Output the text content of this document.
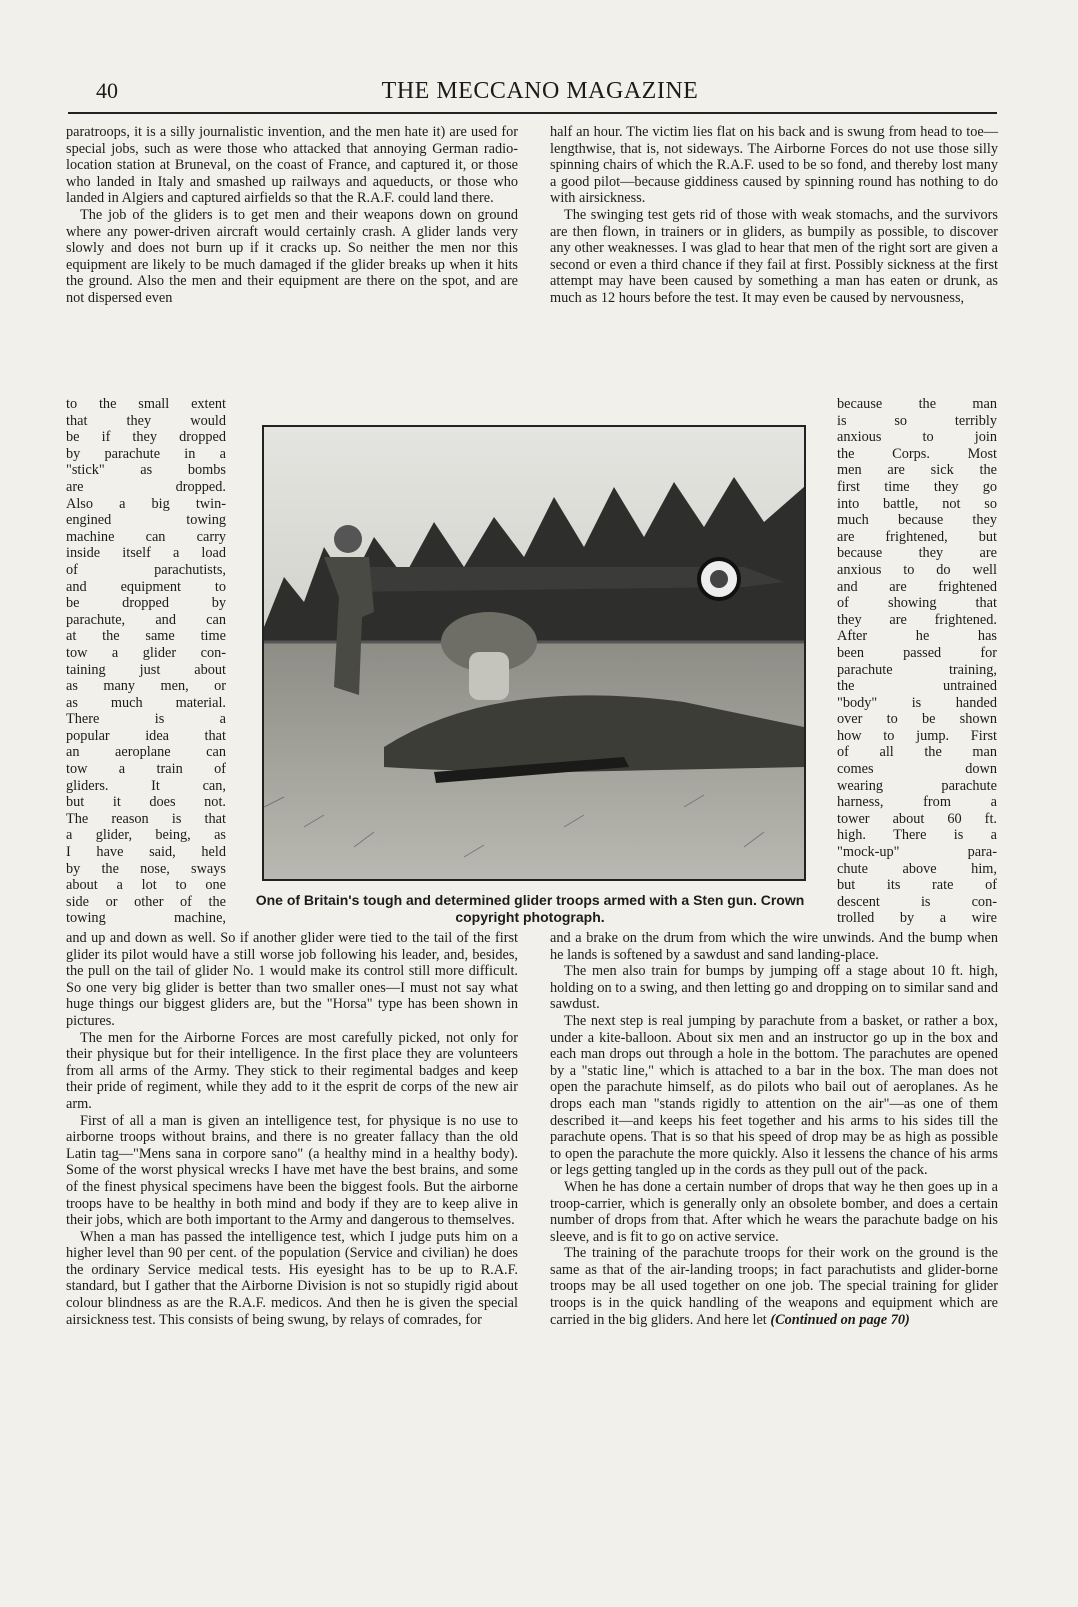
40	THE MECCANO MAGAZINE

paratroops, it is a silly journalistic invention, and the men hate it) are used for special jobs, such as were those who attacked that annoying German radio-location station at Bruneval, on the coast of France, and captured it, or those who landed in Italy and smashed up railways and aqueducts, or those who landed in Algiers and captured airfields so that the R.A.F. could land there.

The job of the gliders is to get men and their weapons down on ground where any power-driven aircraft would certainly crash. A glider lands very slowly and does not burn up if it cracks up. So neither the men nor this equipment are likely to be much damaged if the glider breaks up when it hits the ground. Also the men and their equipment are there on the spot, and are not dispersed even

to the small extent
that they would
be if they dropped
by parachute in a
"stick" as bombs
are dropped.
Also a big twin-
engined towing
machine can carry
inside itself a load
of parachutists,
and equipment to
be dropped by
parachute, and can
at the same time
tow a glider con-
taining just about
as many men, or
as much material.
There is a
popular idea that
an aeroplane can
tow a train of
gliders. It can,
but it does not.
The reason is that
a glider, being, as
I have said, held
by the nose, sways
about a lot to one
side or other of the
towing machine,

and up and down as well. So if another glider were tied to the tail of the first glider its pilot would have a still worse job following his leader, and, besides, the pull on the tail of glider No. 1 would make its control still more difficult. So one very big glider is better than two smaller ones—I must not say what huge things our biggest gliders are, but the "Horsa" type has been shown in pictures.

The men for the Airborne Forces are most carefully picked, not only for their physique but for their intelligence. In the first place they are volunteers from all arms of the Army. They stick to their regimental badges and keep their pride of regiment, while they add to it the esprit de corps of the new air arm.

First of all a man is given an intelligence test, for physique is no use to airborne troops without brains, and there is no greater fallacy than the old Latin tag—"Mens sana in corpore sano" (a healthy mind in a healthy body). Some of the worst physical wrecks I have met have the best brains, and some of the finest physical specimens have been the biggest fools. But the airborne troops have to be healthy in both mind and body if they are to keep alive in their jobs, which are both important to the Army and dangerous to themselves.

When a man has passed the intelligence test, which I judge puts him on a higher level than 90 per cent. of the population (Service and civilian) he does the ordinary Service medical tests. His eyesight has to be up to R.A.F. standard, but I gather that the Airborne Division is not so stupidly rigid about colour blindness as are the R.A.F. medicos. And then he is given the special airsickness test. This consists of being swung, by relays of comrades, for

half an hour. The victim lies flat on his back and is swung from head to toe—lengthwise, that is, not sideways. The Airborne Forces do not use those silly spinning chairs of which the R.A.F. used to be so fond, and thereby lost many a good pilot—because giddiness caused by spinning round has nothing to do with airsickness.

The swinging test gets rid of those with weak stomachs, and the survivors are then flown, in trainers or in gliders, as bumpily as possible, to discover any other weaknesses. I was glad to hear that men of the right sort are given a second or even a third chance if they fail at first. Possibly sickness at the first attempt may have been caused by something a man has eaten or drunk, as much as 12 hours before the test. It may even be caused by nervousness,

because the man
is so terribly
anxious to join
the Corps. Most
men are sick the
first time they go
into battle, not so
much because they
are frightened, but
because they are
anxious to do well
and are frightened
of showing that
they are frightened.
After he has
been passed for
parachute training,
the untrained
"body" is handed
over to be shown
how to jump. First
of all the man
comes down
wearing parachute
harness, from a
tower about 60 ft.
high. There is a
"mock-up" para-
chute above him,
but its rate of
descent is con-
trolled by a wire

and a brake on the drum from which the wire unwinds. And the bump when he lands is softened by a sawdust and sand landing-place.

The men also train for bumps by jumping off a stage about 10 ft. high, holding on to a swing, and then letting go and dropping on to similar sand and sawdust.

The next step is real jumping by parachute from a basket, or rather a box, under a kite-balloon. About six men and an instructor go up in the box and each man drops out through a hole in the bottom. The parachutes are opened by a "static line," which is attached to a bar in the box. The man does not open the parachute himself, as do pilots who bail out of aeroplanes. As he drops each man "stands rigidly to attention on the air"—as one of them described it—and keeps his feet together and his arms to his sides till the parachute opens. That is so that his speed of drop may be as high as possible to open the parachute the more quickly. Also it lessens the chance of his arms or legs getting tangled up in the cords as they pull out of the pack.

When he has done a certain number of drops that way he then goes up in a troop-carrier, which is generally only an obsolete bomber, and does a certain number of drops from that. After which he wears the parachute badge on his sleeve, and is fit to go on active service.

The training of the parachute troops for their work on the ground is the same as that of the air-landing troops; in fact parachutists and glider-borne troops may be all used together on one job. The special training for glider troops is in the quick handling of the weapons and equipment which are carried in the big gliders. And here let (Continued on page 70)

One of Britain's tough and determined glider troops armed with a Sten gun. Crown copyright photograph.
